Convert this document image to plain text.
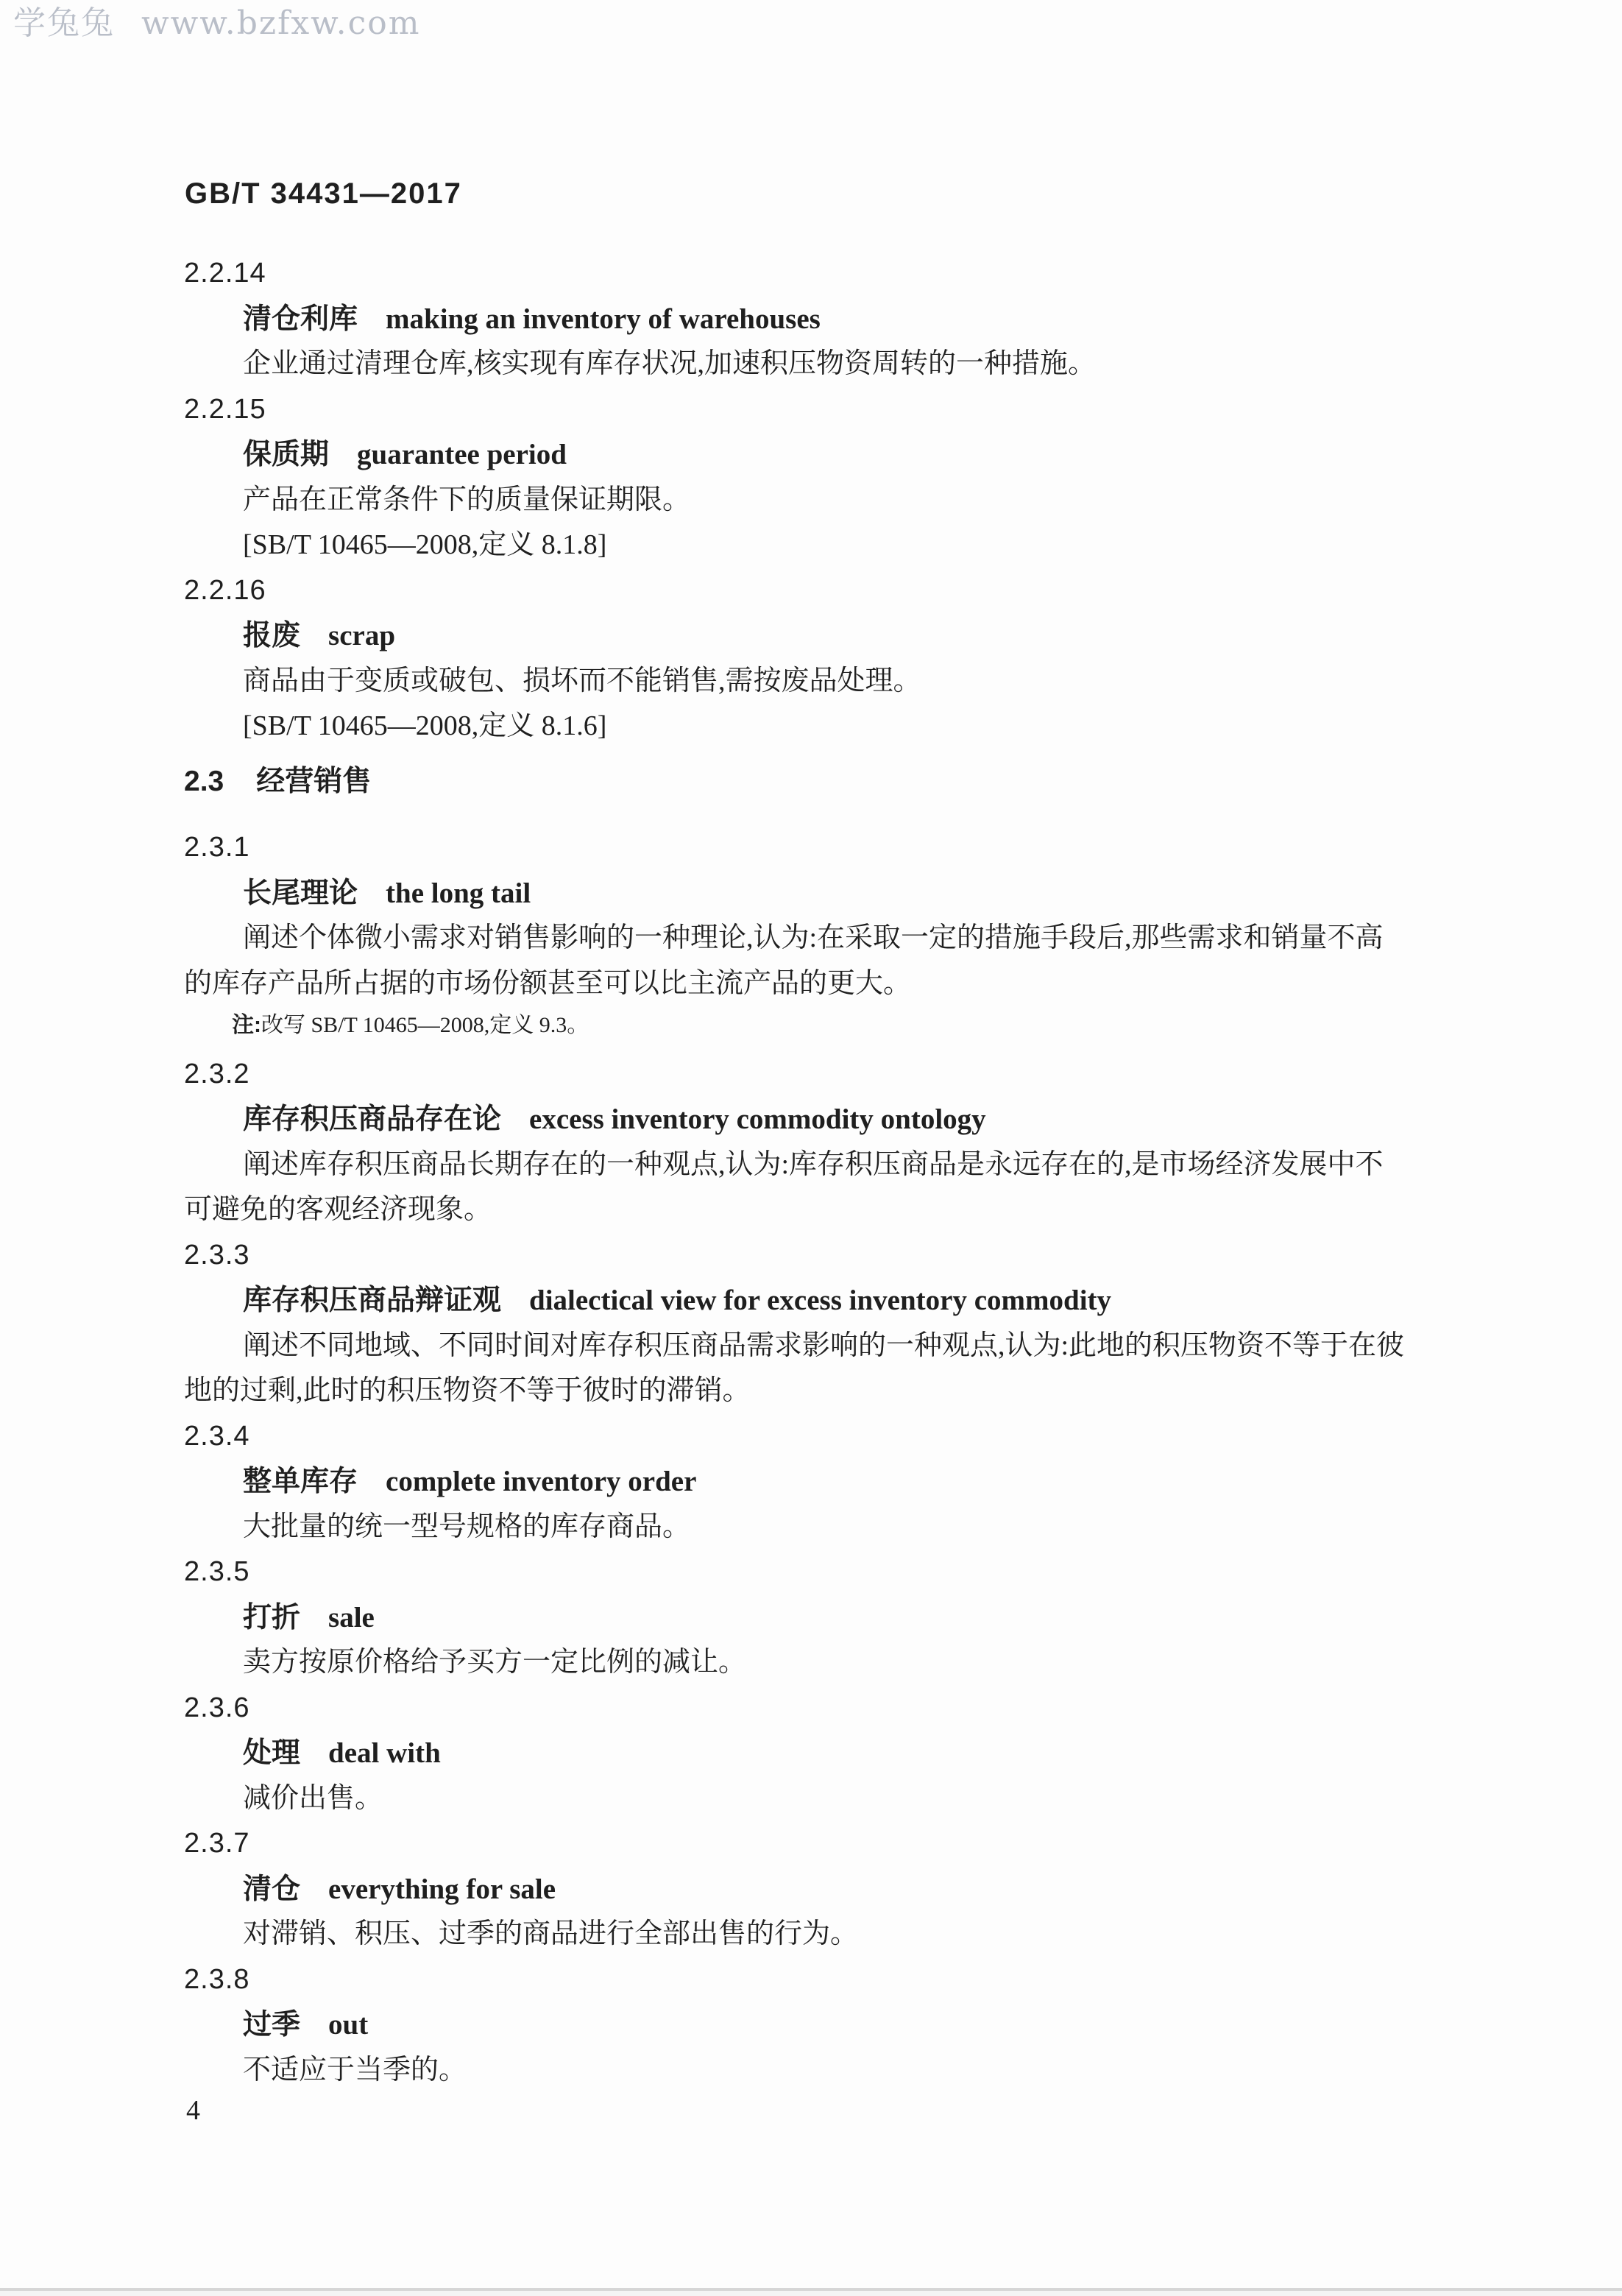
学兔兔 www.bzfxw.com
GB/T 34431—2017
2.2.14
清仓利库 making an inventory of warehouses
企业通过清理仓库,核实现有库存状况,加速积压物资周转的一种措施。
2.2.15
保质期 guarantee period
产品在正常条件下的质量保证期限。
[SB/T 10465—2008,定义 8.1.8]
2.2.16
报废 scrap
商品由于变质或破包、损坏而不能销售,需按废品处理。
[SB/T 10465—2008,定义 8.1.6]
2.3.1
长尾理论 the long tail
阐述个体微小需求对销售影响的一种理论,认为:在采取一定的措施手段后,那些需求和销量不高
的库存产品所占据的市场份额甚至可以比主流产品的更大。
注:改写 SB/T 10465—2008,定义 9.3。
2.3.2
库存积压商品存在论 excess inventory commodity ontology
阐述库存积压商品长期存在的一种观点,认为:库存积压商品是永远存在的,是市场经济发展中不
可避免的客观经济现象。
2.3.3
库存积压商品辩证观 dialectical view for excess inventory commodity
阐述不同地域、不同时间对库存积压商品需求影响的一种观点,认为:此地的积压物资不等于在彼
地的过剩,此时的积压物资不等于彼时的滞销。
2.3.4
整单库存 complete inventory order
大批量的统一型号规格的库存商品。
2.3.5
打折 sale
卖方按原价格给予买方一定比例的减让。
2.3.6
处理 deal with
减价出售。
2.3.7
清仓 everything for sale
对滞销、积压、过季的商品进行全部出售的行为。
2.3.8
过季 out
不适应于当季的。
2.3 经营销售
4
